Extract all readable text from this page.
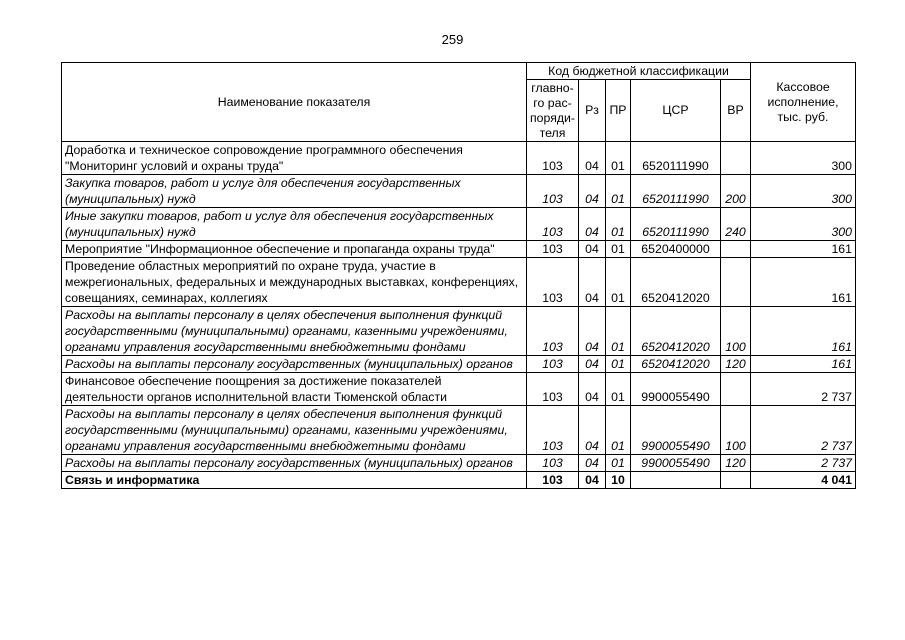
259
Наименование показателя	Код бюджетной классификации					Кассовое исполнение, тыс. руб.
	главно-го рас-поряди-теля	Рз	ПР	ЦСР	ВР	
Доработка и техническое сопровождение программного обеспечения "Мониторинг условий и охраны труда"	103	04	01	6520111990		300
Закупка товаров, работ и услуг для обеспечения государственных (муниципальных) нужд	103	04	01	6520111990	200	300
Иные закупки товаров, работ и услуг для обеспечения государственных (муниципальных) нужд	103	04	01	6520111990	240	300
Мероприятие "Информационное обеспечение и пропаганда охраны труда"	103	04	01	6520400000		161
Проведение областных мероприятий по охране труда, участие в межрегиональных, федеральных и международных выставках, конференциях, совещаниях, семинарах, коллегиях	103	04	01	6520412020		161
Расходы на выплаты персоналу в целях обеспечения выполнения функций государственными (муниципальными) органами, казенными учреждениями, органами управления государственными внебюджетными фондами	103	04	01	6520412020	100	161
Расходы на выплаты персоналу государственных (муниципальных) органов	103	04	01	6520412020	120	161
Финансовое обеспечение поощрения за достижение показателей деятельности органов исполнительной власти Тюменской области	103	04	01	9900055490		2 737
Расходы на выплаты персоналу в целях обеспечения выполнения функций государственными (муниципальными) органами, казенными учреждениями, органами управления государственными внебюджетными фондами	103	04	01	9900055490	100	2 737
Расходы на выплаты персоналу государственных (муниципальных) органов	103	04	01	9900055490	120	2 737
Связь и информатика	103	04	10			4 041
